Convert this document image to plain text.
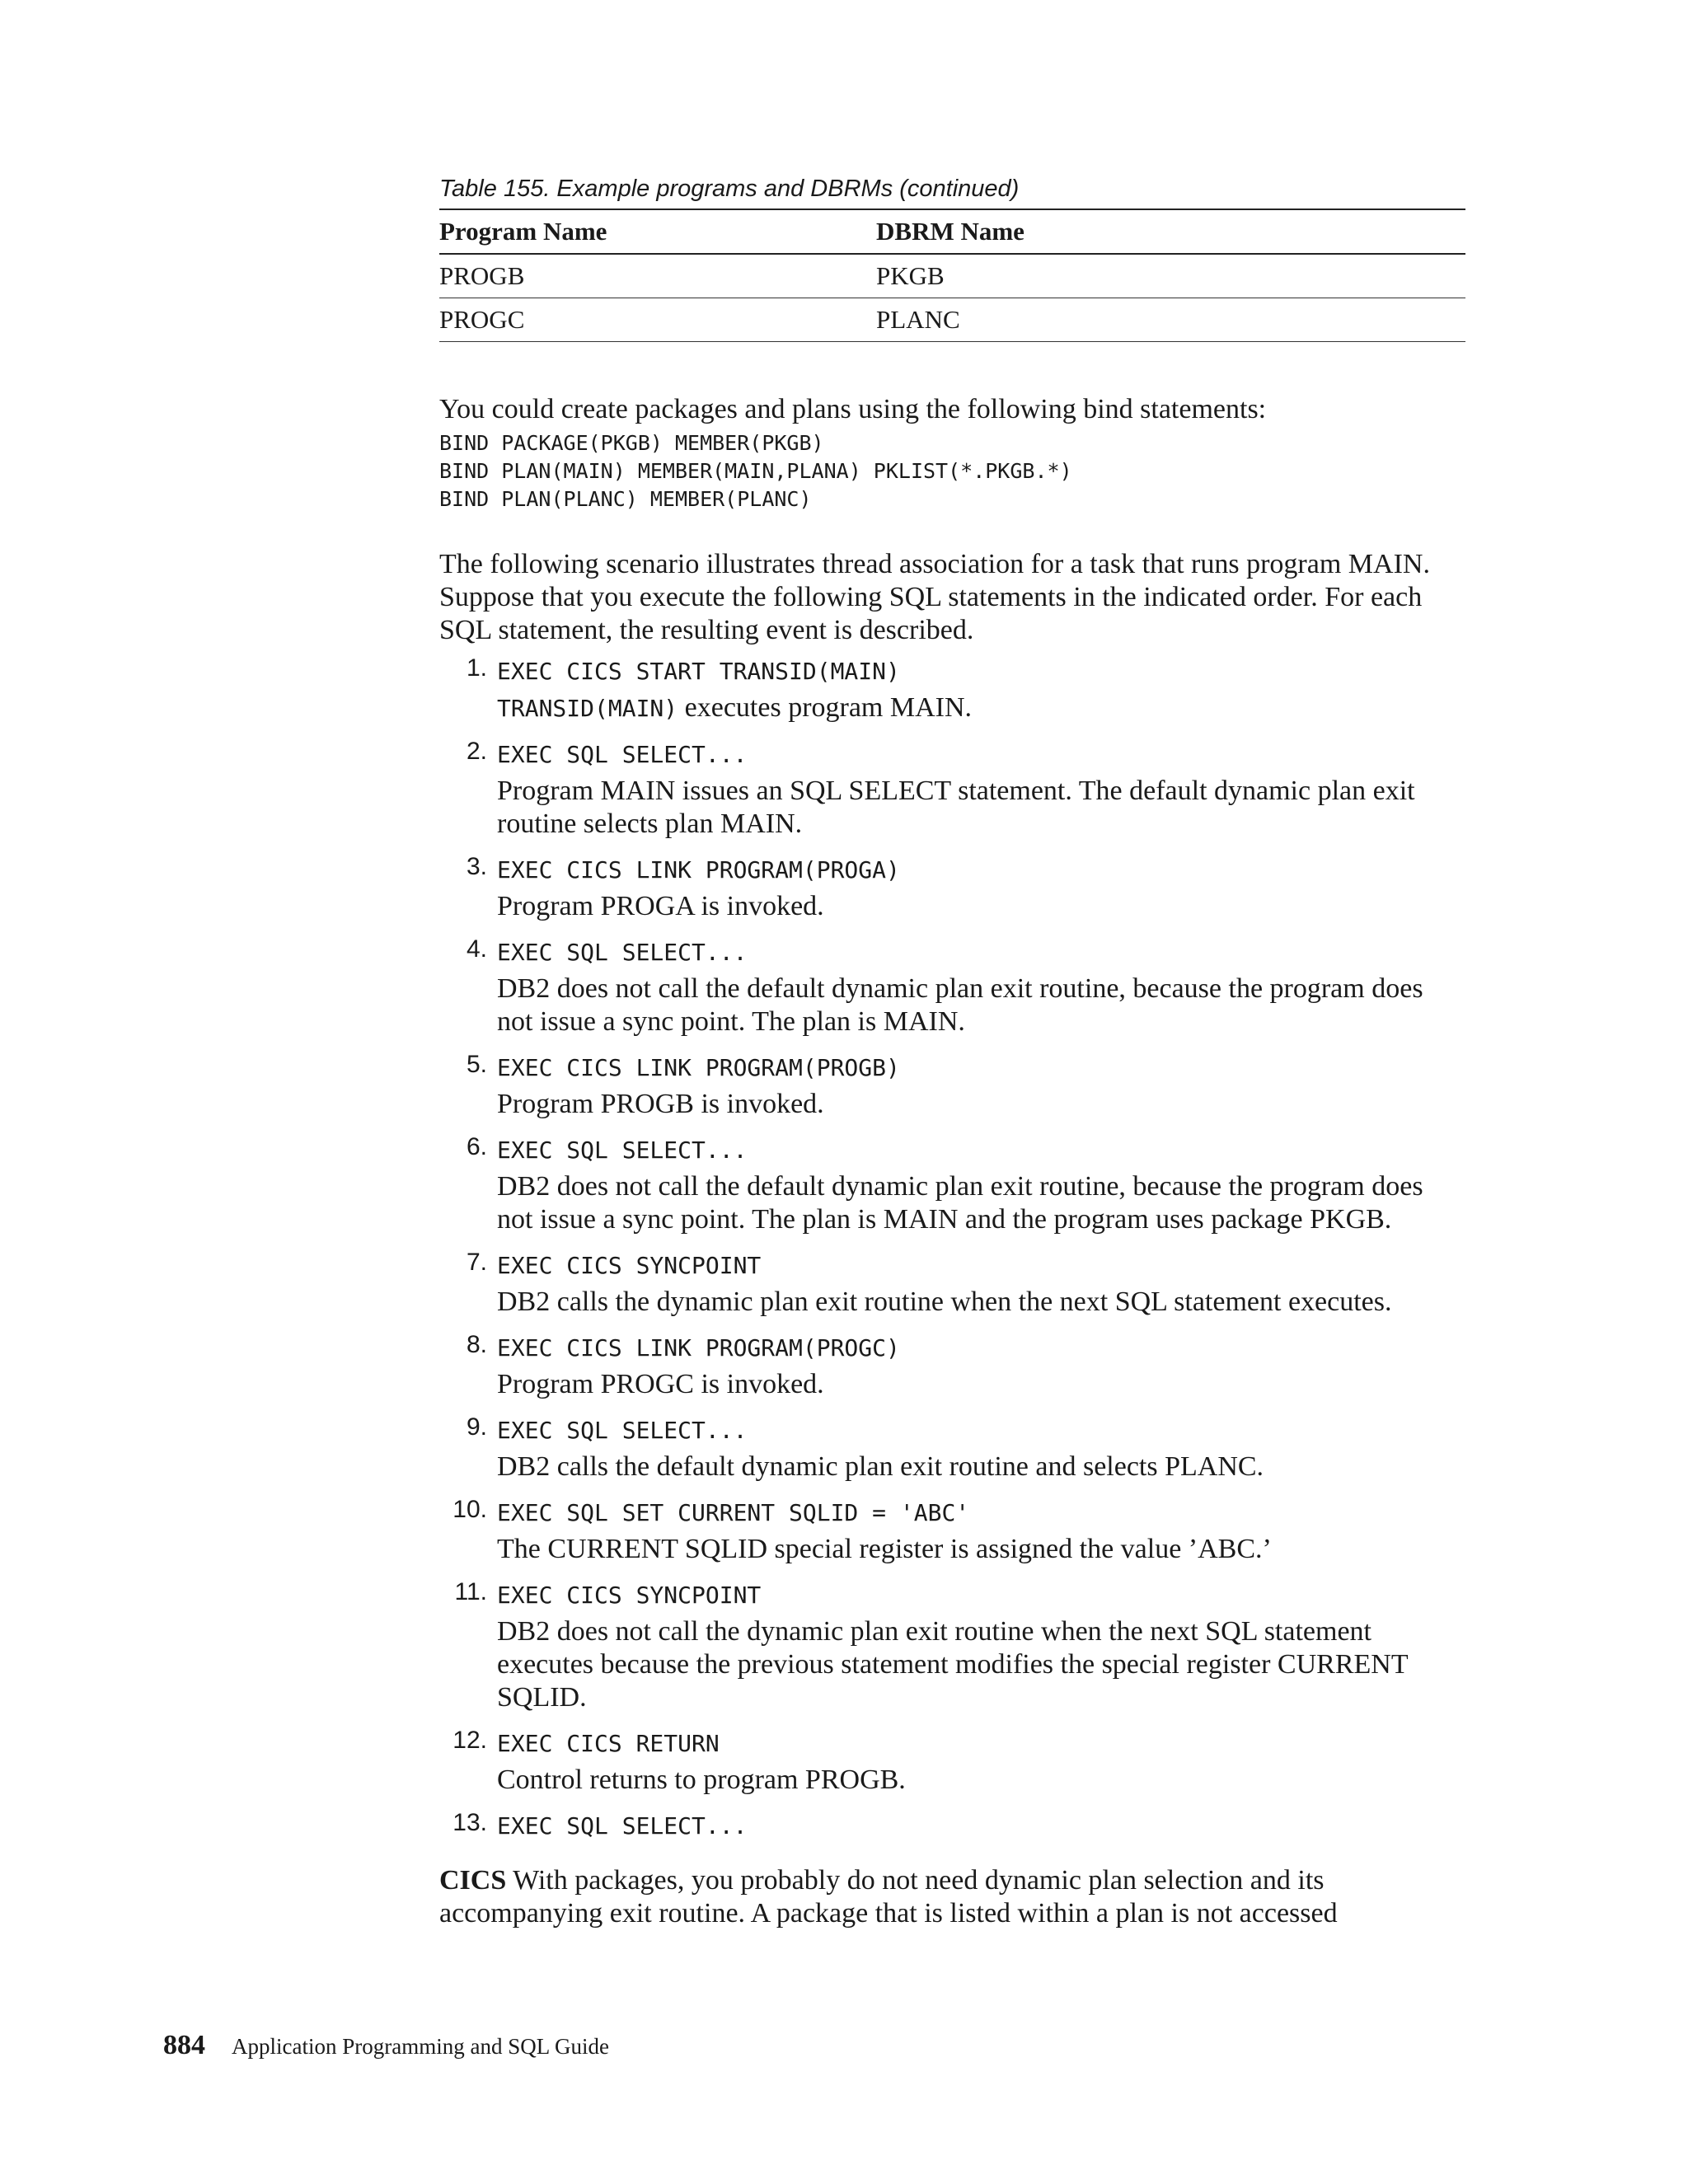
Table 155. Example programs and DBRMs (continued)
Program Name	DBRM Name
PROGB	PKGB
PROGC	PLANC

You could create packages and plans using the following bind statements:

BIND PACKAGE(PKGB) MEMBER(PKGB)
BIND PLAN(MAIN) MEMBER(MAIN,PLANA) PKLIST(*.PKGB.*)
BIND PLAN(PLANC) MEMBER(PLANC)

The following scenario illustrates thread association for a task that runs program MAIN. Suppose that you execute the following SQL statements in the indicated order. For each SQL statement, the resulting event is described.

1. EXEC CICS START TRANSID(MAIN)
TRANSID(MAIN) executes program MAIN.
2. EXEC SQL SELECT...
Program MAIN issues an SQL SELECT statement. The default dynamic plan exit routine selects plan MAIN.
3. EXEC CICS LINK PROGRAM(PROGA)
Program PROGA is invoked.
4. EXEC SQL SELECT...
DB2 does not call the default dynamic plan exit routine, because the program does not issue a sync point. The plan is MAIN.
5. EXEC CICS LINK PROGRAM(PROGB)
Program PROGB is invoked.
6. EXEC SQL SELECT...
DB2 does not call the default dynamic plan exit routine, because the program does not issue a sync point. The plan is MAIN and the program uses package PKGB.
7. EXEC CICS SYNCPOINT
DB2 calls the dynamic plan exit routine when the next SQL statement executes.
8. EXEC CICS LINK PROGRAM(PROGC)
Program PROGC is invoked.
9. EXEC SQL SELECT...
DB2 calls the default dynamic plan exit routine and selects PLANC.
10. EXEC SQL SET CURRENT SQLID = 'ABC'
The CURRENT SQLID special register is assigned the value ’ABC.’
11. EXEC CICS SYNCPOINT
DB2 does not call the dynamic plan exit routine when the next SQL statement executes because the previous statement modifies the special register CURRENT SQLID.
12. EXEC CICS RETURN
Control returns to program PROGB.
13. EXEC SQL SELECT...

CICS With packages, you probably do not need dynamic plan selection and its accompanying exit routine. A package that is listed within a plan is not accessed

884 Application Programming and SQL Guide
